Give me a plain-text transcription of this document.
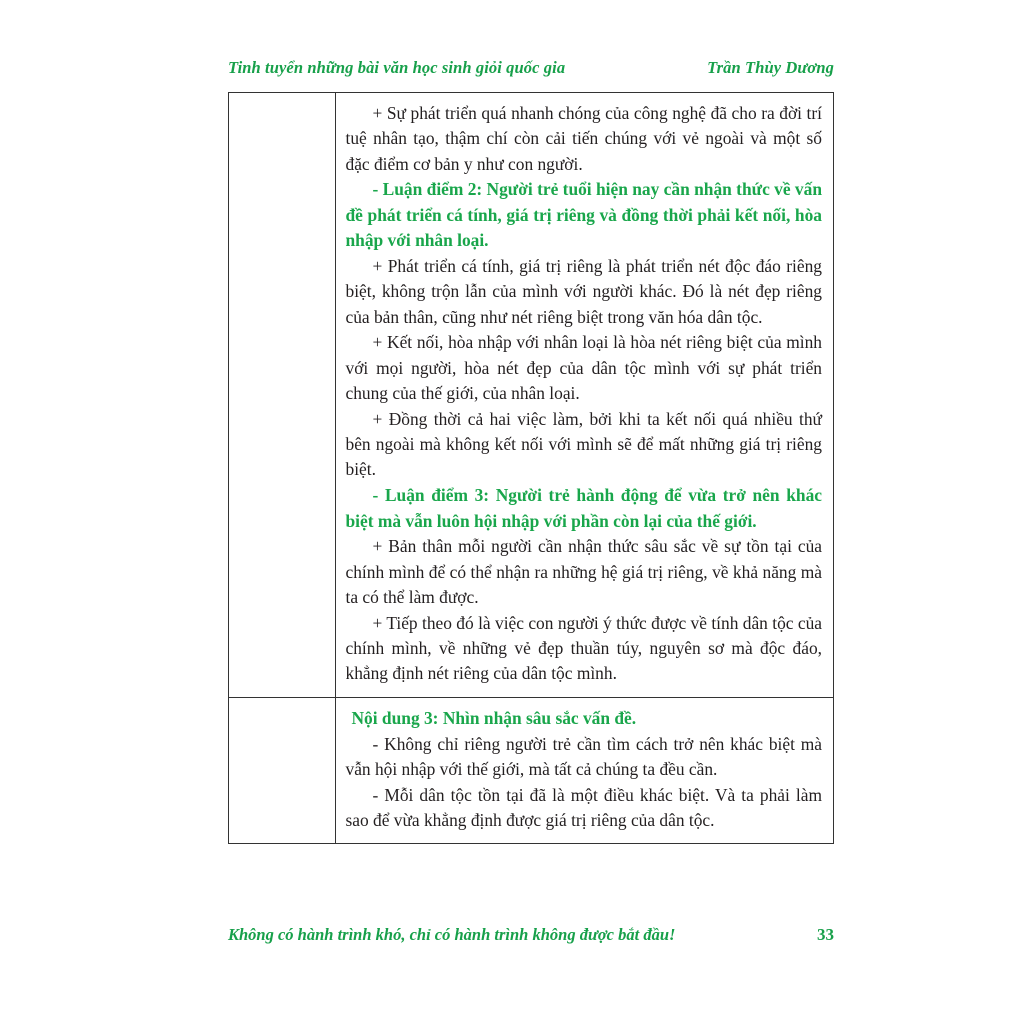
Tinh tuyển những bài văn học sinh giỏi quốc gia	Trần Thùy Dương

+ Sự phát triển quá nhanh chóng của công nghệ đã cho ra đời trí tuệ nhân tạo, thậm chí còn cải tiến chúng với vẻ ngoài và một số đặc điểm cơ bản y như con người.

- Luận điểm 2: Người trẻ tuổi hiện nay cần nhận thức về vấn đề phát triển cá tính, giá trị riêng và đồng thời phải kết nối, hòa nhập với nhân loại.

+ Phát triển cá tính, giá trị riêng là phát triển nét độc đáo riêng biệt, không trộn lẫn của mình với người khác. Đó là nét đẹp riêng của bản thân, cũng như nét riêng biệt trong văn hóa dân tộc.

+ Kết nối, hòa nhập với nhân loại là hòa nét riêng biệt của mình với mọi người, hòa nét đẹp của dân tộc mình với sự phát triển chung của thế giới, của nhân loại.

+ Đồng thời cả hai việc làm, bởi khi ta kết nối quá nhiều thứ bên ngoài mà không kết nối với mình sẽ để mất những giá trị riêng biệt.

- Luận điểm 3: Người trẻ hành động để vừa trở nên khác biệt mà vẫn luôn hội nhập với phần còn lại của thế giới.

+ Bản thân mỗi người cần nhận thức sâu sắc về sự tồn tại của chính mình để có thể nhận ra những hệ giá trị riêng, về khả năng mà ta có thể làm được.

+ Tiếp theo đó là việc con người ý thức được về tính dân tộc của chính mình, về những vẻ đẹp thuần túy, nguyên sơ mà độc đáo, khẳng định nét riêng của dân tộc mình.

	Nội dung 3: Nhìn nhận sâu sắc vấn đề.

- Không chỉ riêng người trẻ cần tìm cách trở nên khác biệt mà vẫn hội nhập với thế giới, mà tất cả chúng ta đều cần.

- Mỗi dân tộc tồn tại đã là một điều khác biệt. Và ta phải làm sao để vừa khẳng định được giá trị riêng của dân tộc.

Không có hành trình khó, chỉ có hành trình không được bắt đầu!	33
